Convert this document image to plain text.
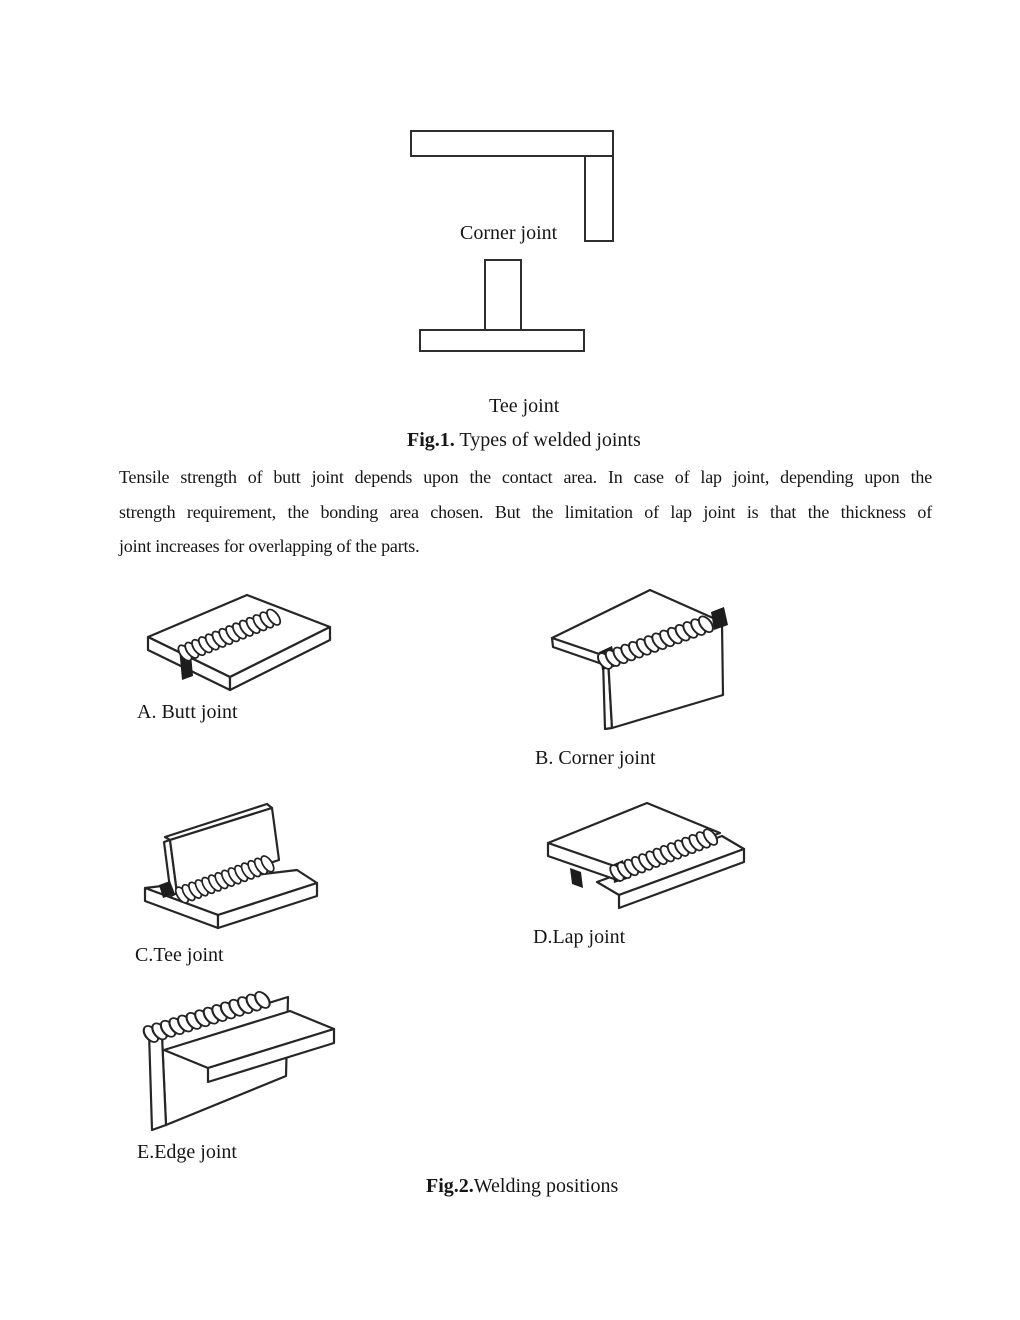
Corner joint
Tee joint
Fig.1. Types of welded joints
Tensile strength of butt joint depends upon the contact area. In case of lap joint, depending upon the
strength requirement, the bonding area chosen. But the limitation of lap joint is that the thickness of
joint increases for overlapping of the parts.
A. Butt joint
B. Corner joint
C.Tee joint
D.Lap joint
E.Edge joint
Fig.2.Welding positions
